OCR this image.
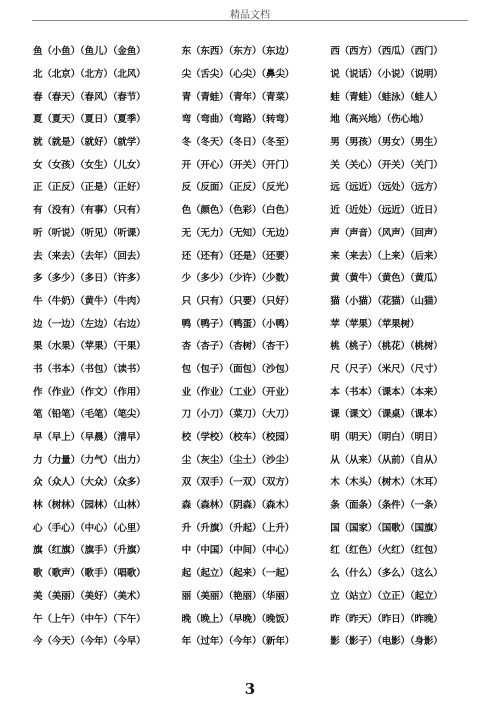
精品文档
鱼（小鱼）（鱼儿）（金鱼）	东（东西）（东方）（东边）	西（西方）（西瓜）（西门）
北（北京）（北方）（北风）	尖（舌尖）（心尖）（鼻尖）	说（说话）（小说）（说明）
春（春天）（春风）（春节）	青（青蛙）（青年）（青菜）	蛙（青蛙）（蛙泳）（蛙人）
夏（夏天）（夏日）（夏季）	弯（弯曲）（弯路）（转弯）	地（高兴地）（伤心地）
就（就是）（就好）（就学）	冬（冬天）（冬日）（冬至）	男（男孩）（男女）（男生）
女（女孩）（女生）（儿女）	开（开心）（开关）（开门）	关（关心）（开关）（关门）
正（正反）（正是）（正好）	反（反面）（正反）（反光）	远（远近）（远处）（远方）
有（没有）（有事）（只有）	色（颜色）（色彩）（白色）	近（近处）（远近）（近日）
听（听说）（听见）（听课）	无（无力）（无知）（无边）	声（声音）（风声）（回声）
去（来去）（去年）（回去）	还（还有）（还是）（还要）	来（来去）（上来）（后来）
多（多少）（多日）（许多）	少（多少）（少许）（少数）	黄（黄牛）（黄色）（黄瓜）
牛（牛奶）（黄牛）（牛肉）	只（只有）（只要）（只好）	猫（小猫）（花猫）（山猫）
边（一边）（左边）（右边）	鸭（鸭子）（鸭蛋）（小鸭）	苹（苹果）（苹果树）
果（水果）（苹果）（干果）	杏（杏子）（杏树）（杏干）	桃（桃子）（桃花）（桃树）
书（书本）（书包）（读书）	包（包子）（面包）（沙包）	尺（尺子）（米尺）（尺寸）
作（作业）（作文）（作用）	业（作业）（工业）（开业）	本（书本）（课本）（本来）
笔（铅笔）（毛笔）（笔尖）	刀（小刀）（菜刀）（大刀）	课（课文）（课桌）（课本）
早（早上）（早晨）（清早）	校（学校）（校车）（校园）	明（明天）（明白）（明日）
力（力量）（力气）（出力）	尘（灰尘）（尘土）（沙尘）	从（从来）（从前）（自从）
众（众人）（大众）（众多）	双（双手）（一双）（双方）	木（木头）（树木）（木耳）
林（树林）（园林）（山林）	森（森林）（阴森）（森木）	条（面条）（条件）（一条）
心（手心）（中心）（心里）	升（升旗）（升起）（上升）	国（国家）（国歌）（国旗）
旗（红旗）（旗手）（升旗）	中（中国）（中间）（中心）	红（红色）（火红）（红包）
歌（歌声）（歌手）（唱歌）	起（起立）（起来）（一起）	么（什么）（多么）（这么）
美（美丽）（美好）（美术）	丽（美丽）（艳丽）（华丽）	立（站立）（立正）（起立）
午（上午）（中午）（下午）	晚（晚上）（早晚）（晚饭）	昨（昨天）（昨日）（昨晚）
今（今天）（今年）（今早）	年（过年）（今年）（新年）	影（影子）（电影）（身影）
3
